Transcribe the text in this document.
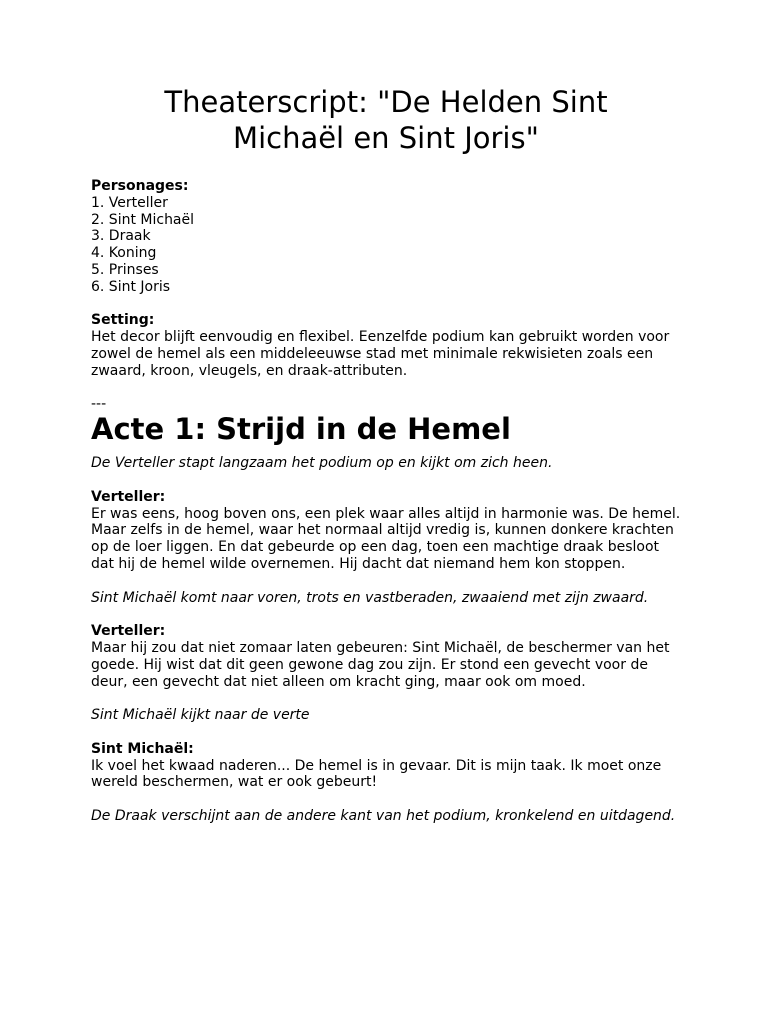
Theaterscript: "De Helden Sint Michaël en Sint Joris"
Personages:
1. Verteller
2. Sint Michaël
3. Draak
4. Koning
5. Prinses
6. Sint Joris
Setting:

Het decor blijft eenvoudig en flexibel. Eenzelfde podium kan gebruikt worden voor zowel de hemel als een middeleeuwse stad met minimale rekwisieten zoals een zwaard, kroon, vleugels, en draak-attributen.

---
Acte 1: Strijd in de Hemel

De Verteller stapt langzaam het podium op en kijkt om zich heen.

Verteller:

Er was eens, hoog boven ons, een plek waar alles altijd in harmonie was. De hemel. Maar zelfs in de hemel, waar het normaal altijd vredig is, kunnen donkere krachten op de loer liggen. En dat gebeurde op een dag, toen een machtige draak besloot dat hij de hemel wilde overnemen. Hij dacht dat niemand hem kon stoppen.

Sint Michaël komt naar voren, trots en vastberaden, zwaaiend met zijn zwaard.

Verteller:

Maar hij zou dat niet zomaar laten gebeuren: Sint Michaël, de beschermer van het goede. Hij wist dat dit geen gewone dag zou zijn. Er stond een gevecht voor de deur, een gevecht dat niet alleen om kracht ging, maar ook om moed.

Sint Michaël kijkt naar de verte

Sint Michaël:

Ik voel het kwaad naderen... De hemel is in gevaar. Dit is mijn taak. Ik moet onze wereld beschermen, wat er ook gebeurt!

De Draak verschijnt aan de andere kant van het podium, kronkelend en uitdagend.
